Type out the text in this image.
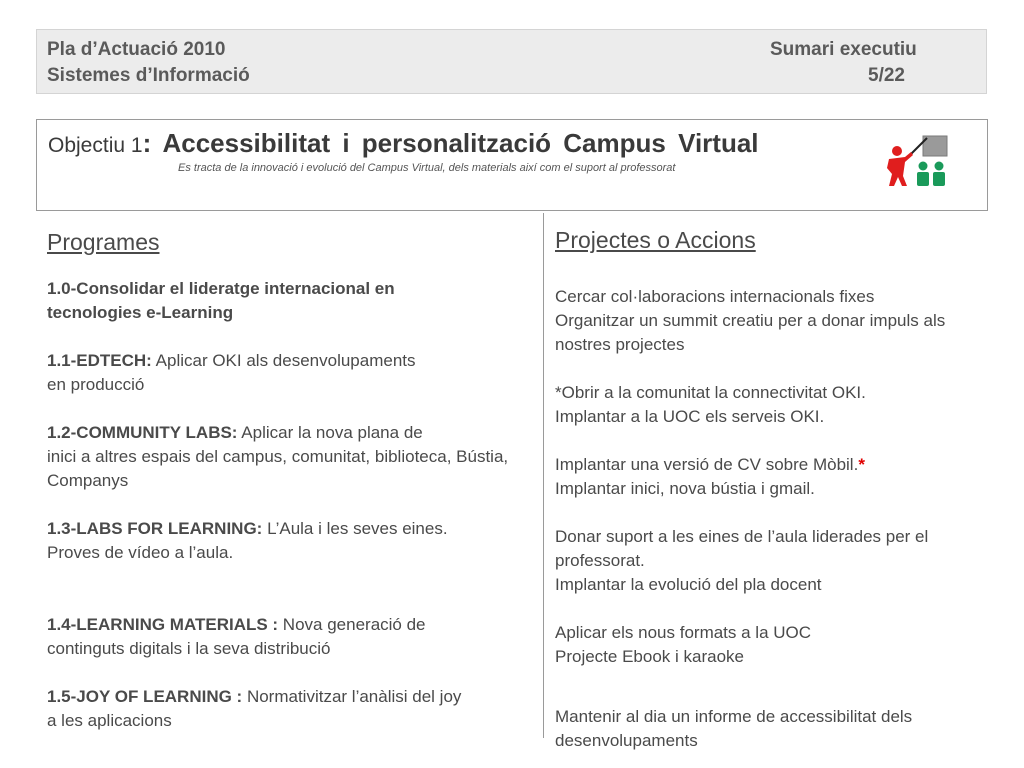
Pla d’Actuació 2010
Sistemes d’Informació
Sumari executiu
5/22
Objectiu 1: Accessibilitat i personalització Campus Virtual
Es tracta de la innovació i evolució del Campus Virtual, dels materials així com el suport al professorat
Programes
1.0-Consolidar el lideratge internacional en
tecnologies e-Learning
1.1-EDTECH: Aplicar OKI als desenvolupaments
en producció
1.2-COMMUNITY LABS: Aplicar la nova plana de
inici a altres espais del campus, comunitat, biblioteca, Bústia, Companys
1.3-LABS FOR LEARNING: L’Aula i les seves eines.
Proves de vídeo a l’aula.
1.4-LEARNING MATERIALS : Nova generació de
continguts digitals i la seva distribució
1.5-JOY OF LEARNING : Normativitzar l’anàlisi del joy
a les aplicacions
Projectes o Accions
Cercar col·laboracions internacionals fixes
Organitzar un summit creatiu per a donar impuls als nostres projectes
*Obrir a la comunitat la connectivitat OKI.
Implantar a la UOC els serveis OKI.
Implantar una versió de CV sobre Mòbil.*
Implantar inici, nova bústia i gmail.
Donar suport a les eines de l’aula liderades per el professorat.
Implantar la evolució del pla docent
Aplicar els nous formats a la UOC
Projecte Ebook i karaoke
Mantenir al dia un informe de accessibilitat dels desenvolupaments
